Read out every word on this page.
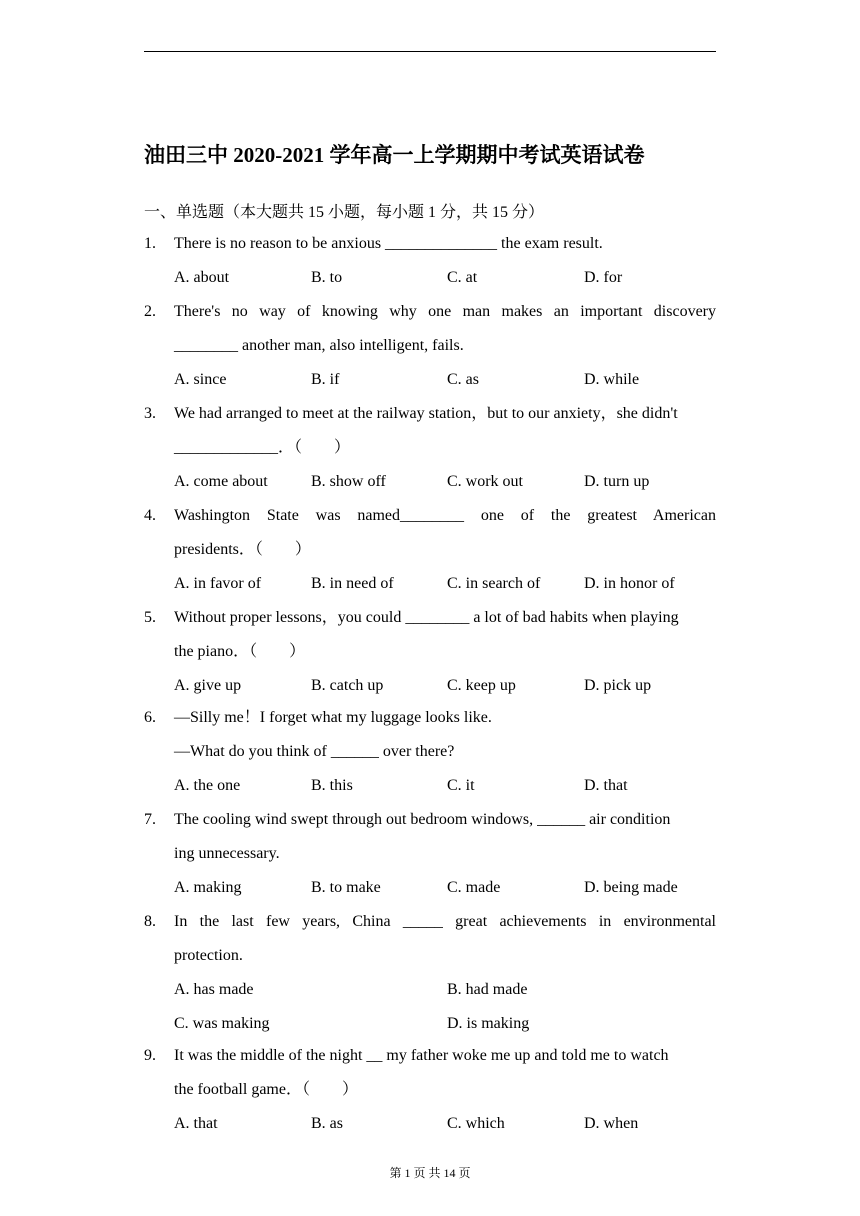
油田三中 2020-2021 学年高一上学期期中考试英语试卷
一、单选题（本大题共 15 小题，每小题 1 分，共 15 分）
1. There is no reason to be anxious ______________ the exam result.
A. about	B. to	C. at	D. for
2. There's no way of knowing why one man makes an important discovery
________ another man, also intelligent, fails.
A. since	B. if	C. as	D. while
3. We had arranged to meet at the railway station，but to our anxiety，she didn't
_____________．（　　）
A. come about	B. show off	C. work out	D. turn up
4. Washington State was named________ one of the greatest American
presidents．（　　）
A. in favor of	B. in need of	C. in search of	D. in honor of
5. Without proper lessons，you could ________ a lot of bad habits when playing
the piano．（　　）
A. give up	B. catch up	C. keep up	D. pick up
6. —Silly me！I forget what my luggage looks like.
—What do you think of ______ over there?
A. the one	B. this	C. it	D. that
7. The cooling wind swept through out bedroom windows, ______ air condition
ing unnecessary.
A. making	B. to make	C. made	D. being made
8. In the last few years, China _____ great achievements in environmental
protection.
A. has made	B. had made
C. was making	D. is making
9. It was the middle of the night __ my father woke me up and told me to watch
the football game．（　　）
A. that	B. as	C. which	D. when
第 1 页 共 14 页
